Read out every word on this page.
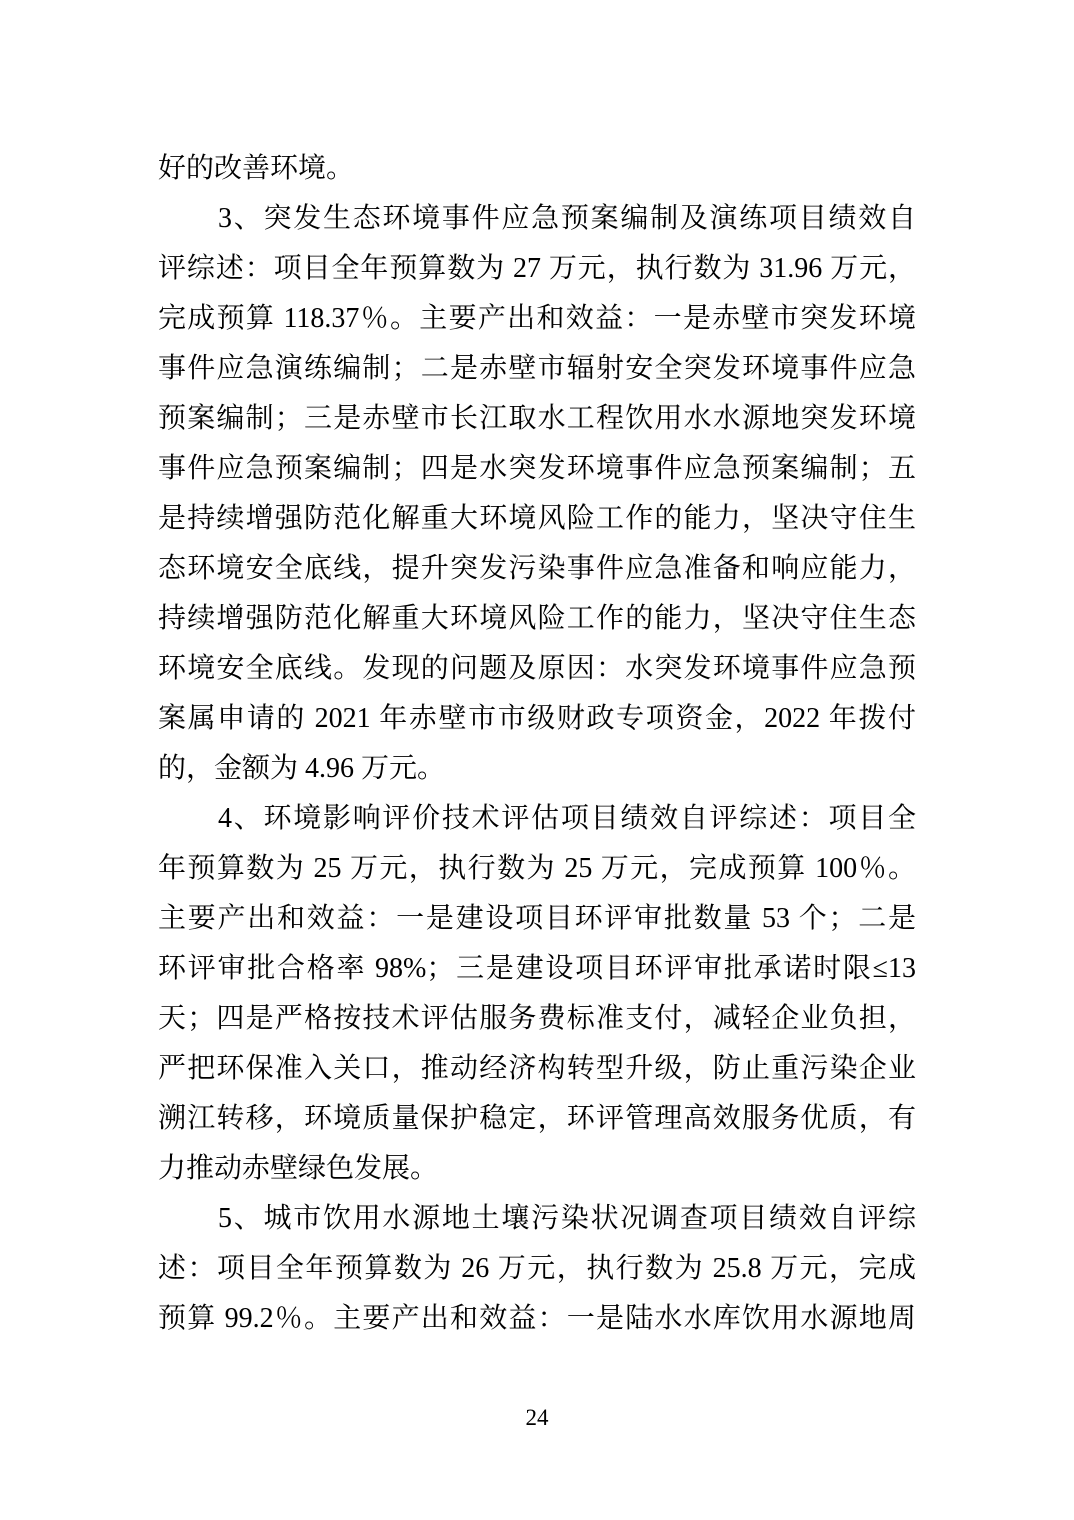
好的改善环境。
3、突发生态环境事件应急预案编制及演练项目绩效自
评综述：项目全年预算数为 27 万元，执行数为 31.96 万元，
完成预算 118.37％。主要产出和效益：一是赤壁市突发环境
事件应急演练编制；二是赤壁市辐射安全突发环境事件应急
预案编制；三是赤壁市长江取水工程饮用水水源地突发环境
事件应急预案编制；四是水突发环境事件应急预案编制；五
是持续增强防范化解重大环境风险工作的能力，坚决守住生
态环境安全底线，提升突发污染事件应急准备和响应能力，
持续增强防范化解重大环境风险工作的能力，坚决守住生态
环境安全底线。发现的问题及原因：水突发环境事件应急预
案属申请的 2021 年赤壁市市级财政专项资金，2022 年拨付
的，金额为 4.96 万元。
4、环境影响评价技术评估项目绩效自评综述：项目全
年预算数为 25 万元，执行数为 25 万元，完成预算 100％。
主要产出和效益：一是建设项目环评审批数量 53 个；二是
环评审批合格率 98%；三是建设项目环评审批承诺时限≤13
天；四是严格按技术评估服务费标准支付，减轻企业负担，
严把环保准入关口，推动经济构转型升级，防止重污染企业
溯江转移，环境质量保护稳定，环评管理高效服务优质，有
力推动赤壁绿色发展。
5、城市饮用水源地土壤污染状况调查项目绩效自评综
述：项目全年预算数为 26 万元，执行数为 25.8 万元，完成
预算 99.2％。主要产出和效益：一是陆水水库饮用水源地周
24
